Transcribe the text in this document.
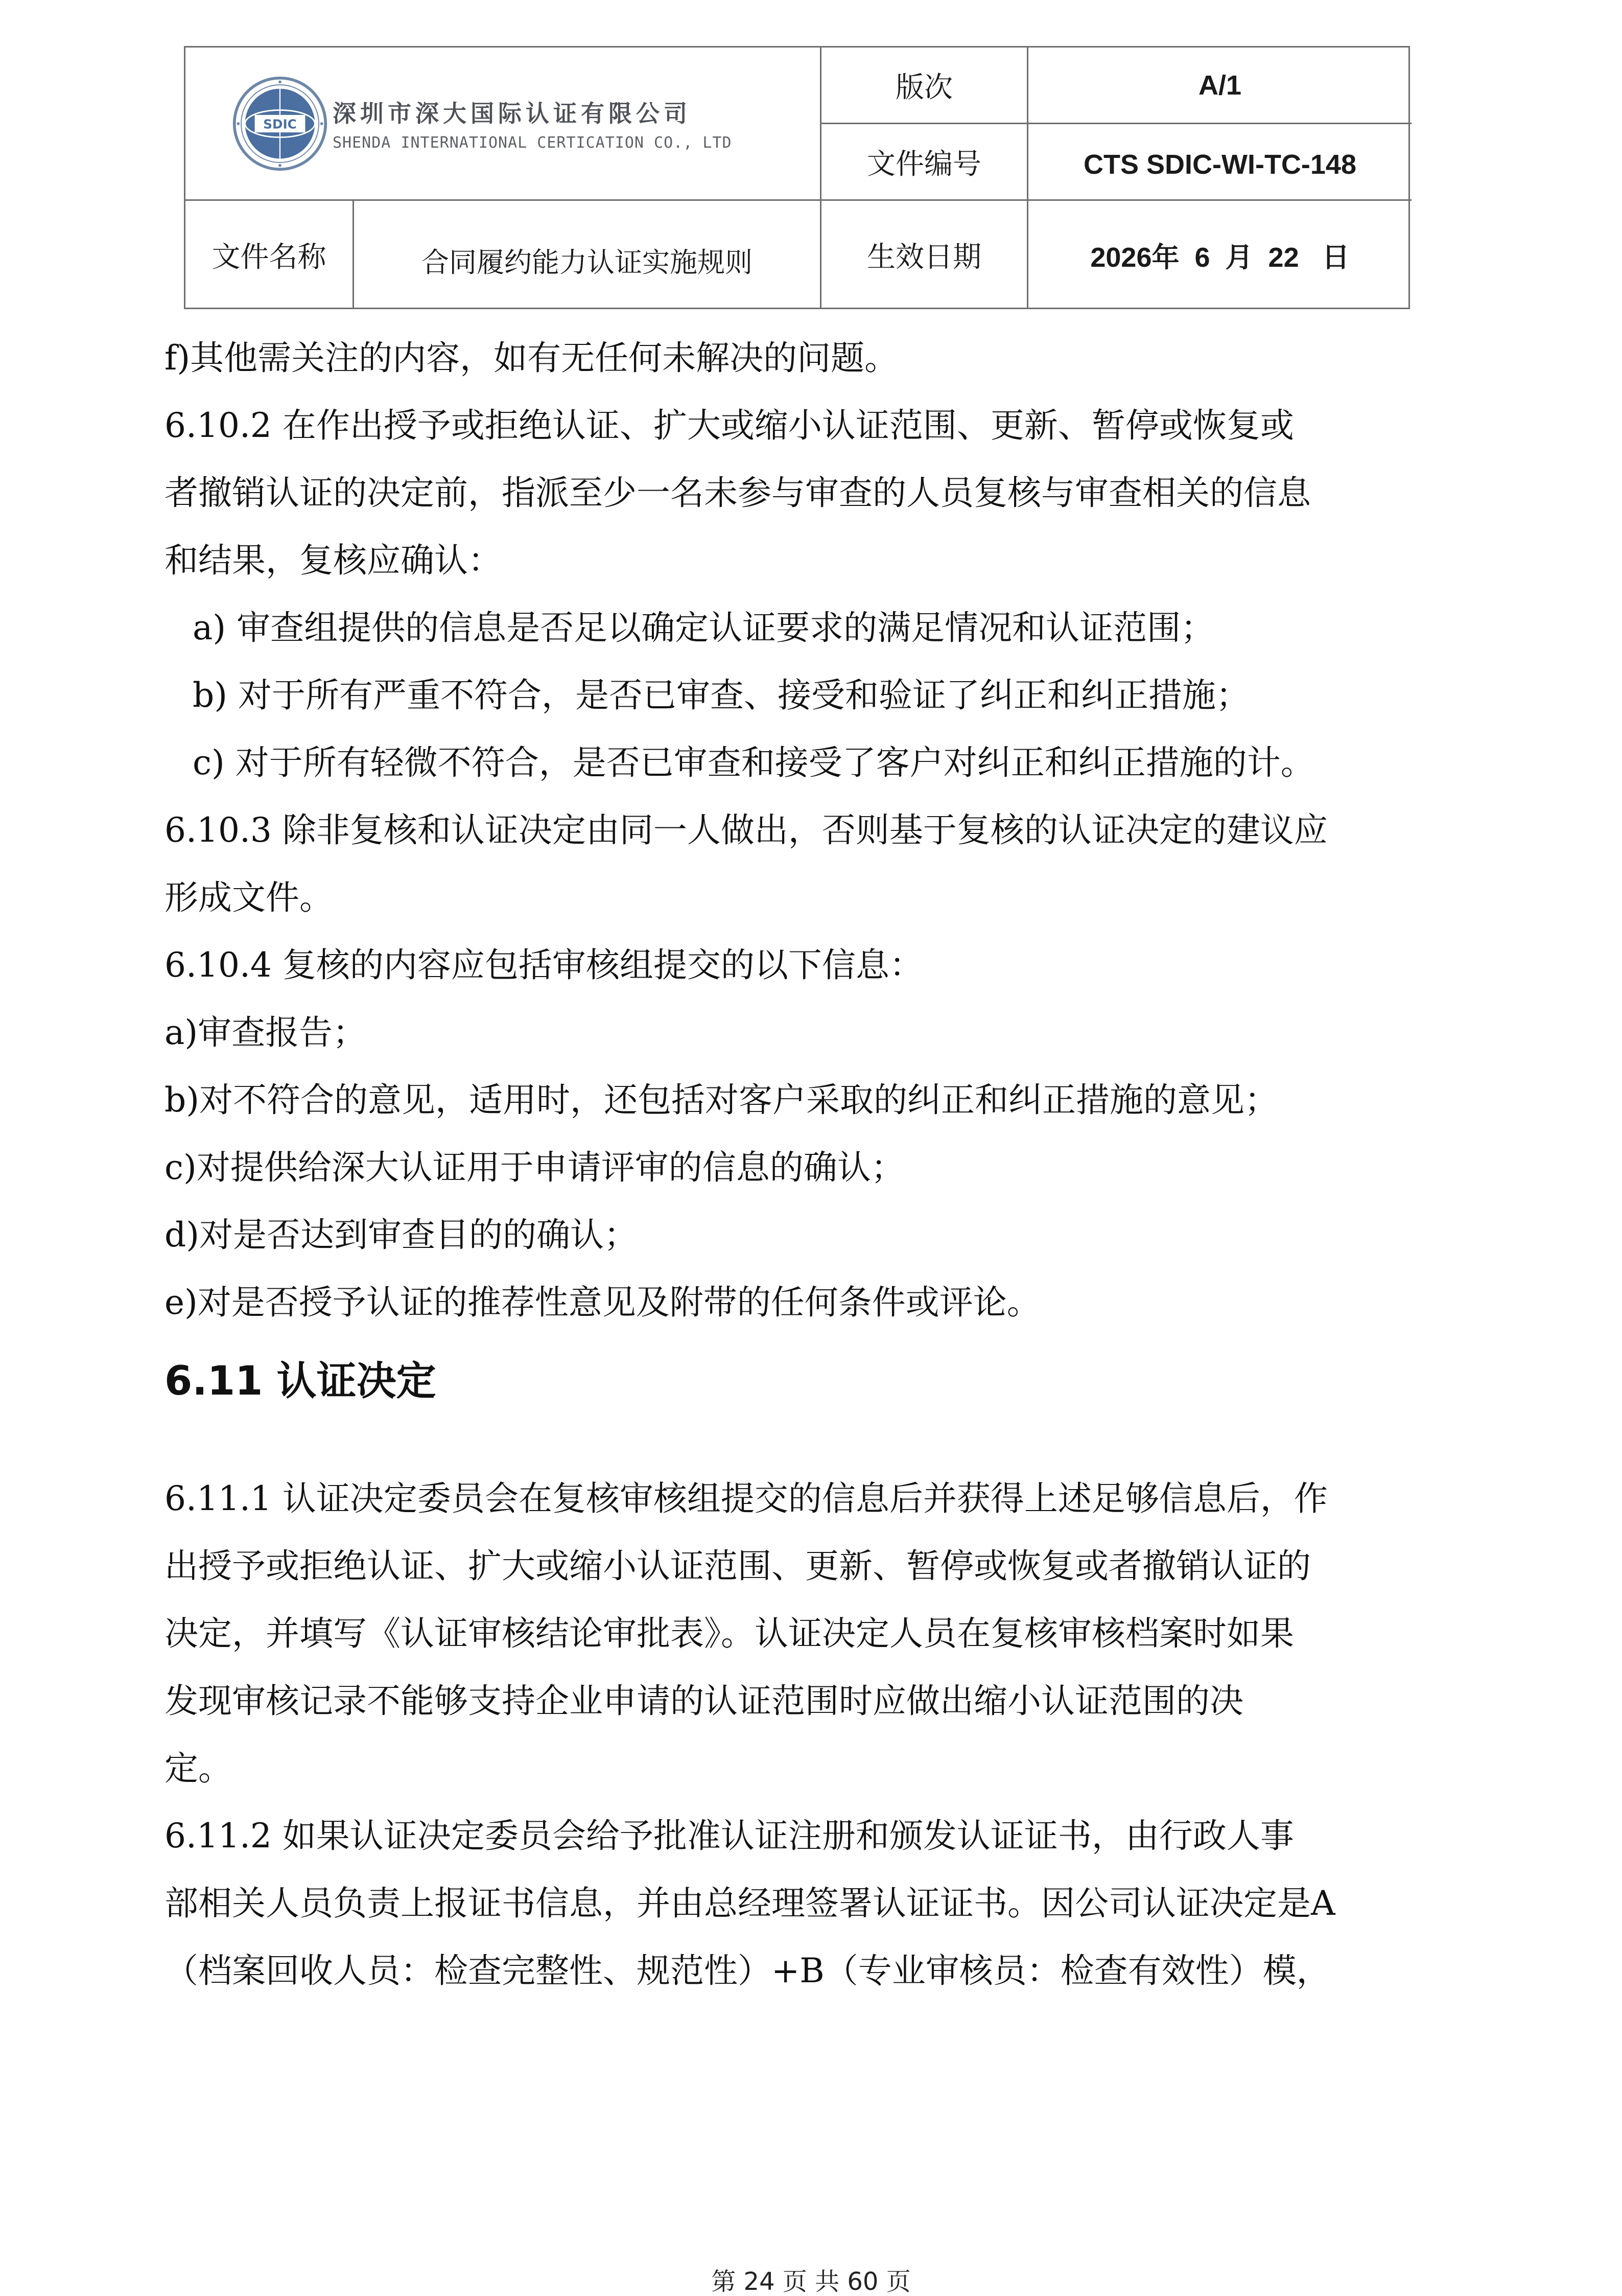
SDIC 深圳市深大国际认证有限公司
SHENDA INTERNATIONAL CERTICATION CO., LTD
版次	A/1
文件编号	CTS SDIC-WI-TC-148
文件名称	合同履约能力认证实施规则	生效日期	2026年  6  月  22   日

f)其他需关注的内容，如有无任何未解决的问题。

6.10.2 在作出授予或拒绝认证、扩大或缩小认证范围、更新、暂停或恢复或

者撤销认证的决定前，指派至少一名未参与审查的人员复核与审查相关的信息

和结果，复核应确认：

a) 审查组提供的信息是否足以确定认证要求的满足情况和认证范围；

b) 对于所有严重不符合，是否已审查、接受和验证了纠正和纠正措施；

c) 对于所有轻微不符合，是否已审查和接受了客户对纠正和纠正措施的计。

6.10.3 除非复核和认证决定由同一人做出，否则基于复核的认证决定的建议应

形成文件。

6.10.4 复核的内容应包括审核组提交的以下信息：

a)审查报告；

b)对不符合的意见，适用时，还包括对客户采取的纠正和纠正措施的意见；

c)对提供给深大认证用于申请评审的信息的确认；

d)对是否达到审查目的的确认；

e)对是否授予认证的推荐性意见及附带的任何条件或评论。

6.11 认证决定

6.11.1 认证决定委员会在复核审核组提交的信息后并获得上述足够信息后，作

出授予或拒绝认证、扩大或缩小认证范围、更新、暂停或恢复或者撤销认证的

决定，并填写《认证审核结论审批表》。认证决定人员在复核审核档案时如果

发现审核记录不能够支持企业申请的认证范围时应做出缩小认证范围的决

定。

6.11.2 如果认证决定委员会给予批准认证注册和颁发认证证书，由行政人事

部相关人员负责上报证书信息，并由总经理签署认证证书。因公司认证决定是A

（档案回收人员：检查完整性、规范性）+B（专业审核员：检查有效性）模，

第 24 页 共 60 页
